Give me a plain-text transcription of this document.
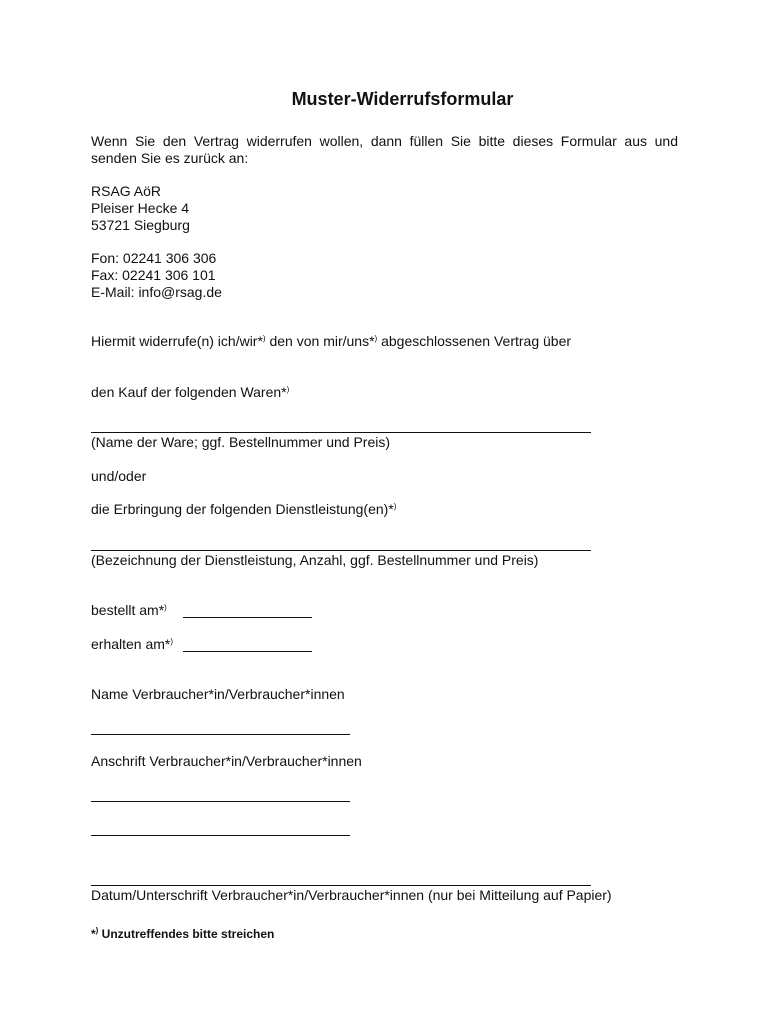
Muster-Widerrufsformular
Wenn Sie den Vertrag widerrufen wollen, dann füllen Sie bitte dieses Formular aus und senden Sie es zurück an:
RSAG AöR
Pleiser Hecke 4
53721 Siegburg
Fon: 02241 306 306
Fax: 02241 306 101
E-Mail: info@rsag.de
Hiermit widerrufe(n) ich/wir*) den von mir/uns*) abgeschlossenen Vertrag über
den Kauf der folgenden Waren*)
(Name der Ware; ggf. Bestellnummer und Preis)
und/oder
die Erbringung der folgenden Dienstleistung(en)*)
(Bezeichnung der Dienstleistung, Anzahl, ggf. Bestellnummer und Preis)
bestellt am*)
erhalten am*)
Name Verbraucher*in/Verbraucher*innen
Anschrift Verbraucher*in/Verbraucher*innen
Datum/Unterschrift Verbraucher*in/Verbraucher*innen (nur bei Mitteilung auf Papier)
*) Unzutreffendes bitte streichen
